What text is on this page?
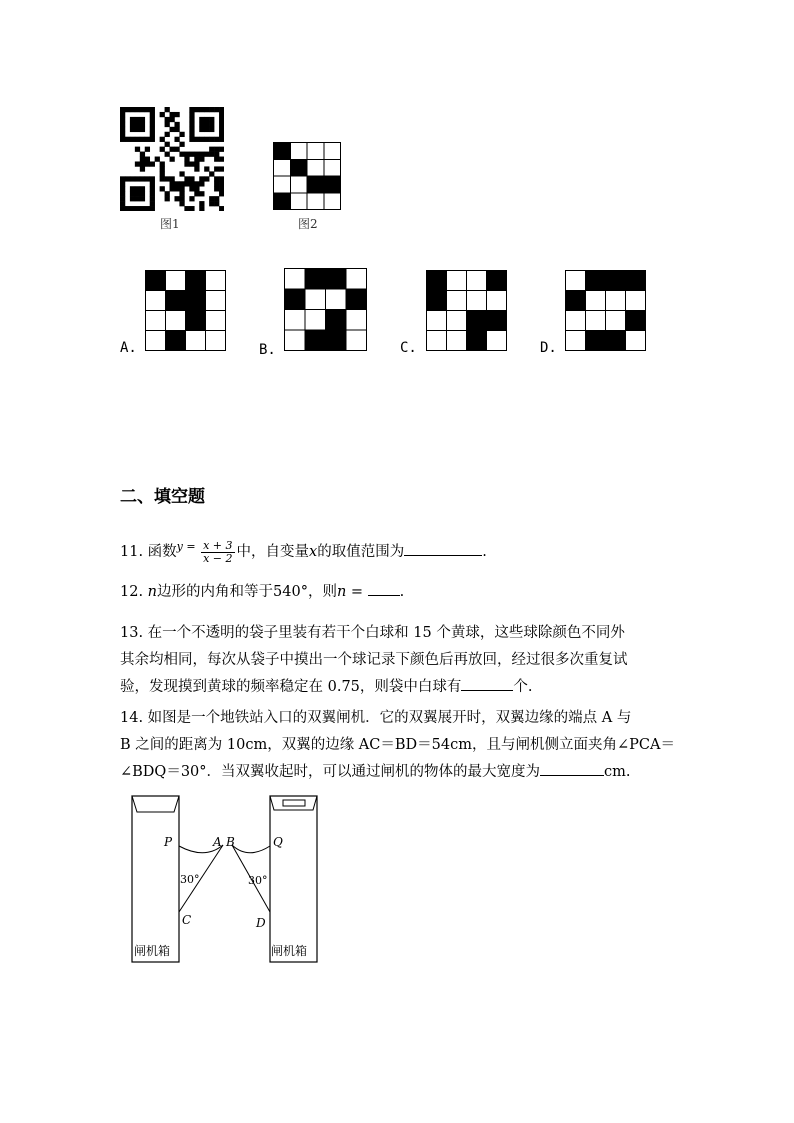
图1	图2
A.	B.	C.	D.
二、填空题
11. 函数$^y$ $^= \frac{x + 3}{x - 2}$ 中，自变量x的取值范围为	.
12. n边形的内角和等于540°，则n = .
13. 在一个不透明的袋子里装有若干个白球和 15 个黄球，这些球除颜色不同外
其余均相同，每次从袋子中摸出一个球记录下颜色后再放回，经过很多次重复试
验，发现摸到黄球的频率稳定在 0.75，则袋中白球有	个.
14. 如图是一个地铁站入口的双翼闸机．它的双翼展开时，双翼边缘的端点 A 与
B 之间的距离为 10cm，双翼的边缘 AC＝BD＝54cm，且与闸机侧立面夹角∠PCA＝
∠BDQ＝30°．当双翼收起时，可以通过闸机的物体的最大宽度为	cm.
P	A B	Q
C	D
30°	30°
闸机箱	闸机箱
